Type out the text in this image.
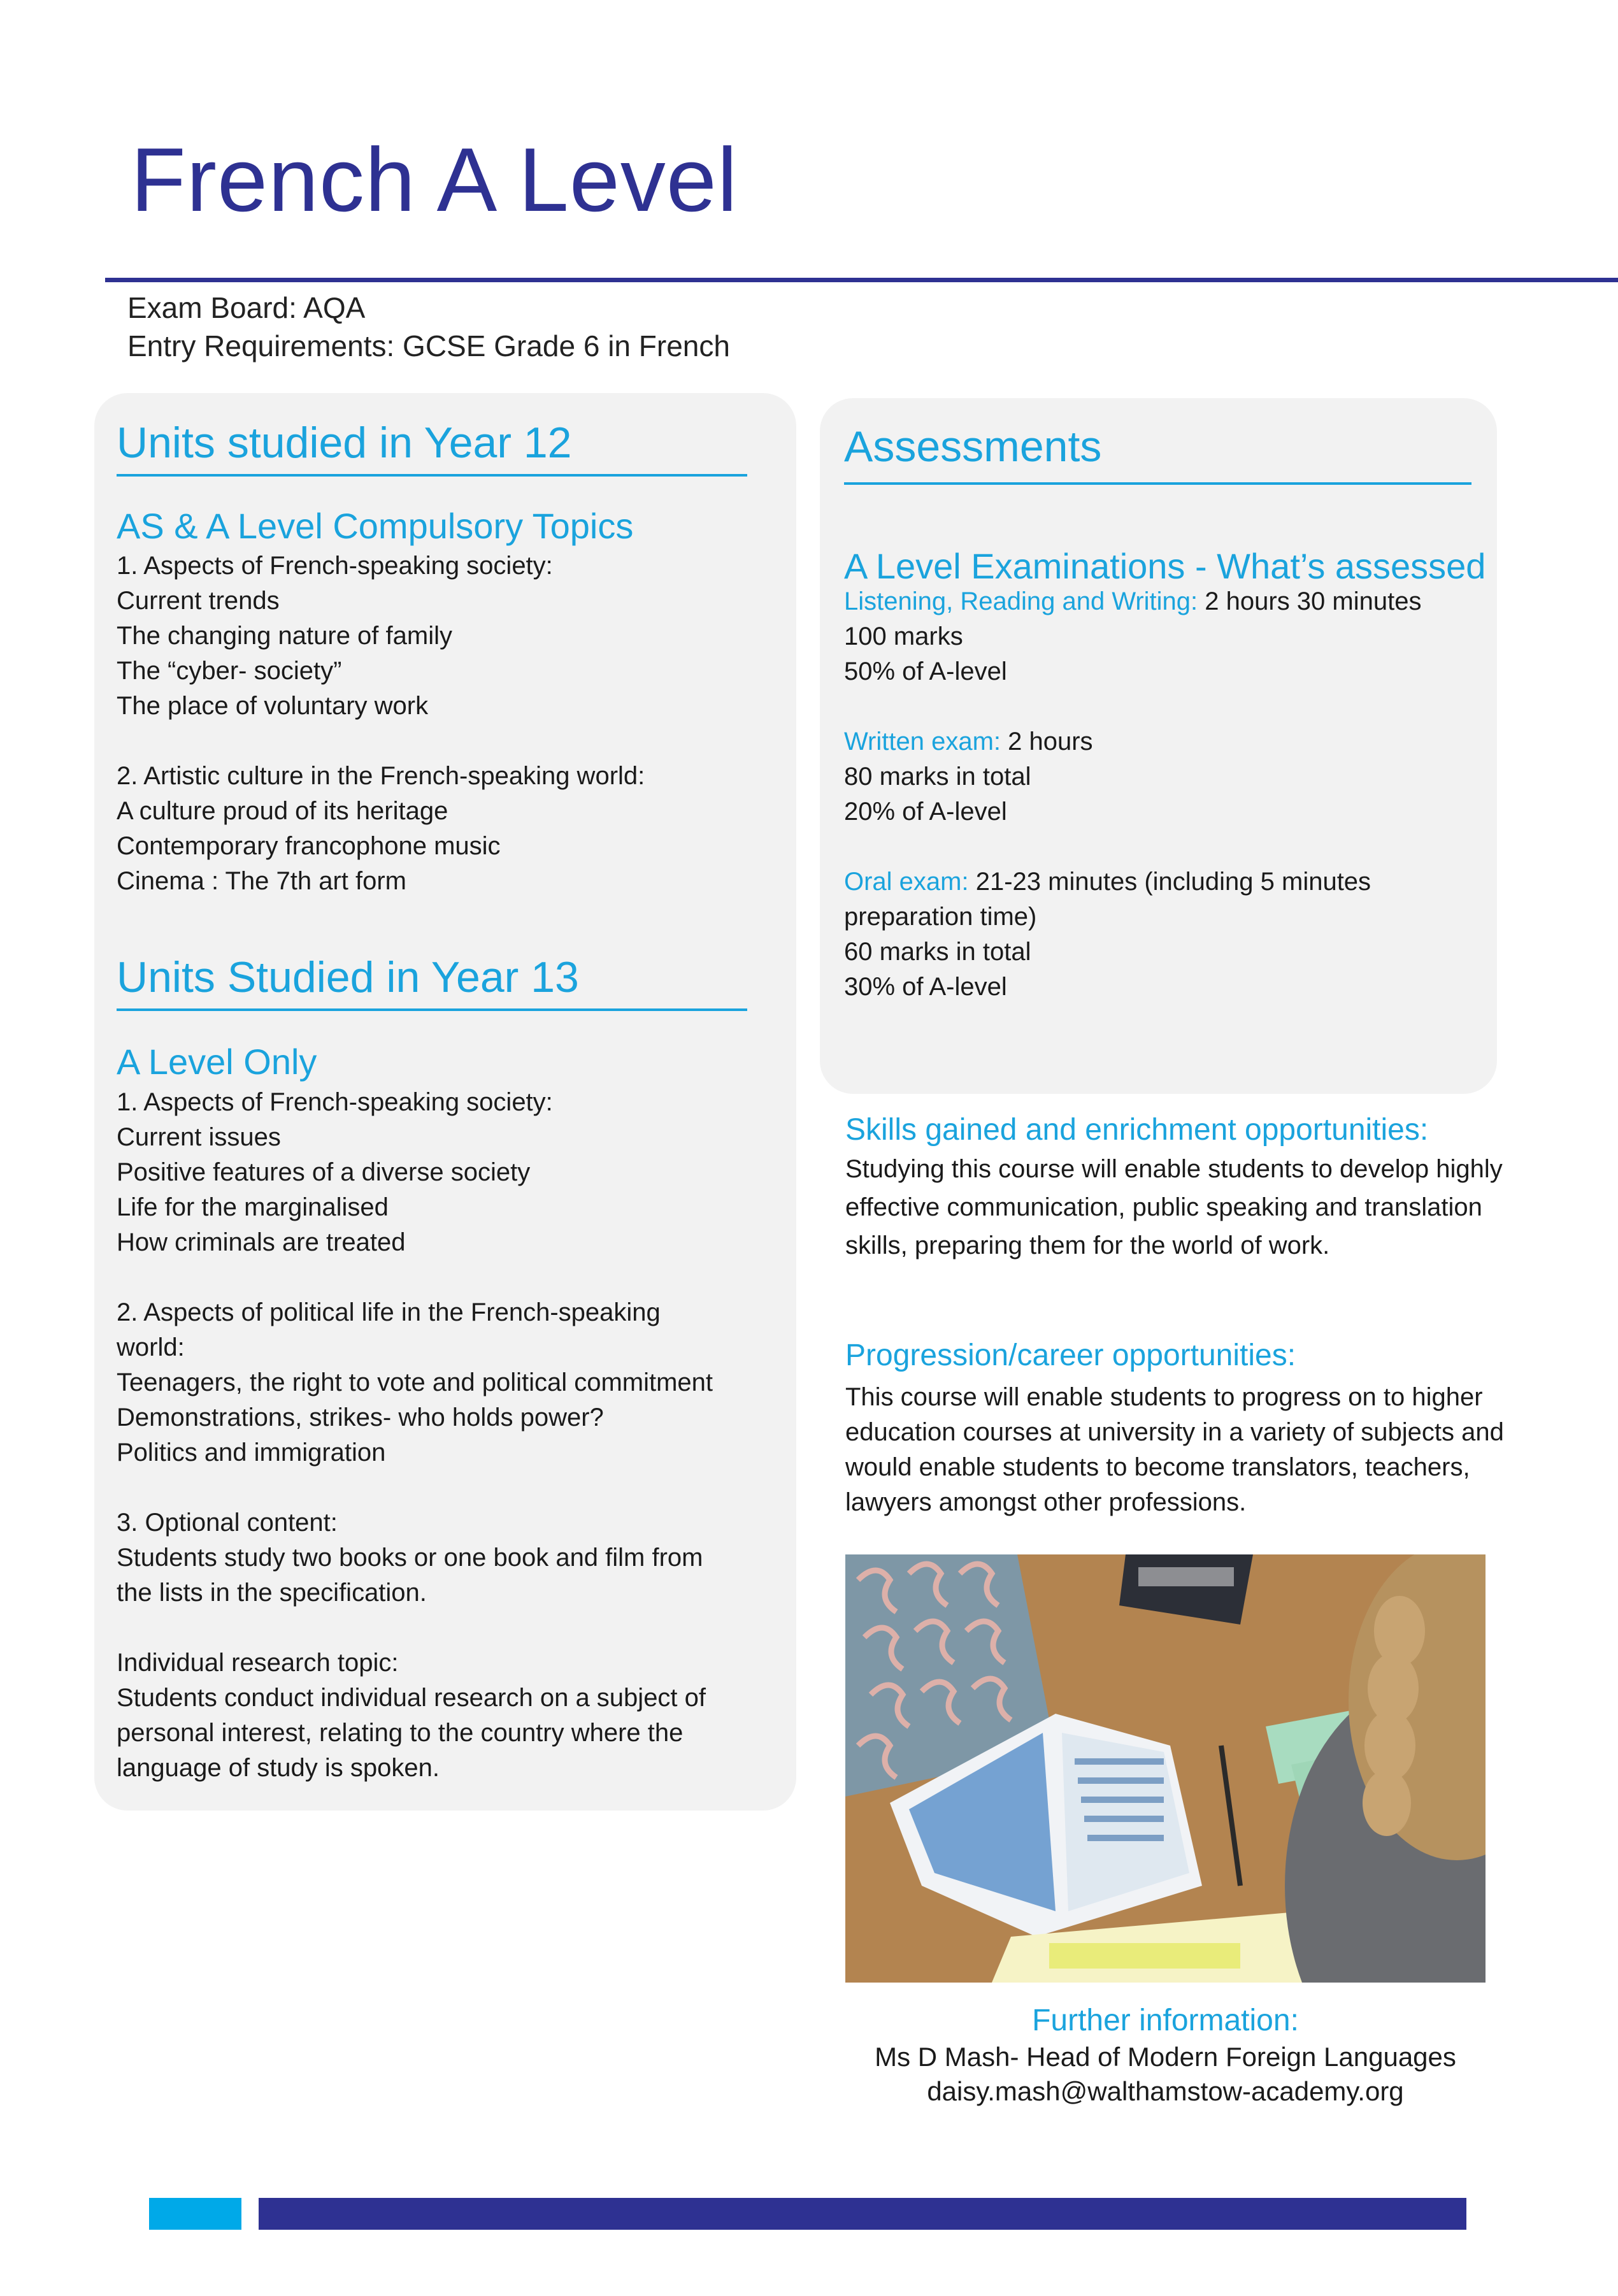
French A Level
Exam Board: AQA
Entry Requirements: GCSE Grade 6 in French
Units studied in Year 12
AS & A Level Compulsory Topics
1. Aspects of French-speaking society:
Current trends
The changing nature of family
The “cyber- society”
The place of voluntary work

2. Artistic culture in the French-speaking world:
A culture proud of its heritage
Contemporary francophone music
Cinema : The 7th art form
Units Studied in Year 13
A Level Only
1. Aspects of French-speaking society:
Current issues
Positive features of a diverse society
Life for the marginalised
How criminals are treated

2. Aspects of political life in the French-speaking
world:
Teenagers, the right to vote and political commitment
Demonstrations, strikes- who holds power?
Politics and immigration

3. Optional content:
Students study two books or one book and film from
the lists in the specification.

Individual research topic:
Students conduct individual research on a subject of
personal interest, relating to the country where the
language of study is spoken.
Assessments
A Level Examinations - What’s assessed
Listening, Reading and Writing: 2 hours 30 minutes
100 marks
50% of A-level
Written exam: 2 hours
80 marks in total
20% of A-level
Oral exam: 21-23 minutes (including 5 minutes
preparation time)
60 marks in total
30% of A-level
Skills gained and enrichment opportunities:
Studying this course will enable students to develop highly
effective communication, public speaking and translation
skills, preparing them for the world of work.
Progression/career opportunities:
This course will enable students to progress on to higher
education courses at university in a variety of subjects and
would enable students to become translators, teachers,
lawyers amongst other professions.
Further information:
Ms D Mash- Head of Modern Foreign Languages
daisy.mash@walthamstow-academy.org
